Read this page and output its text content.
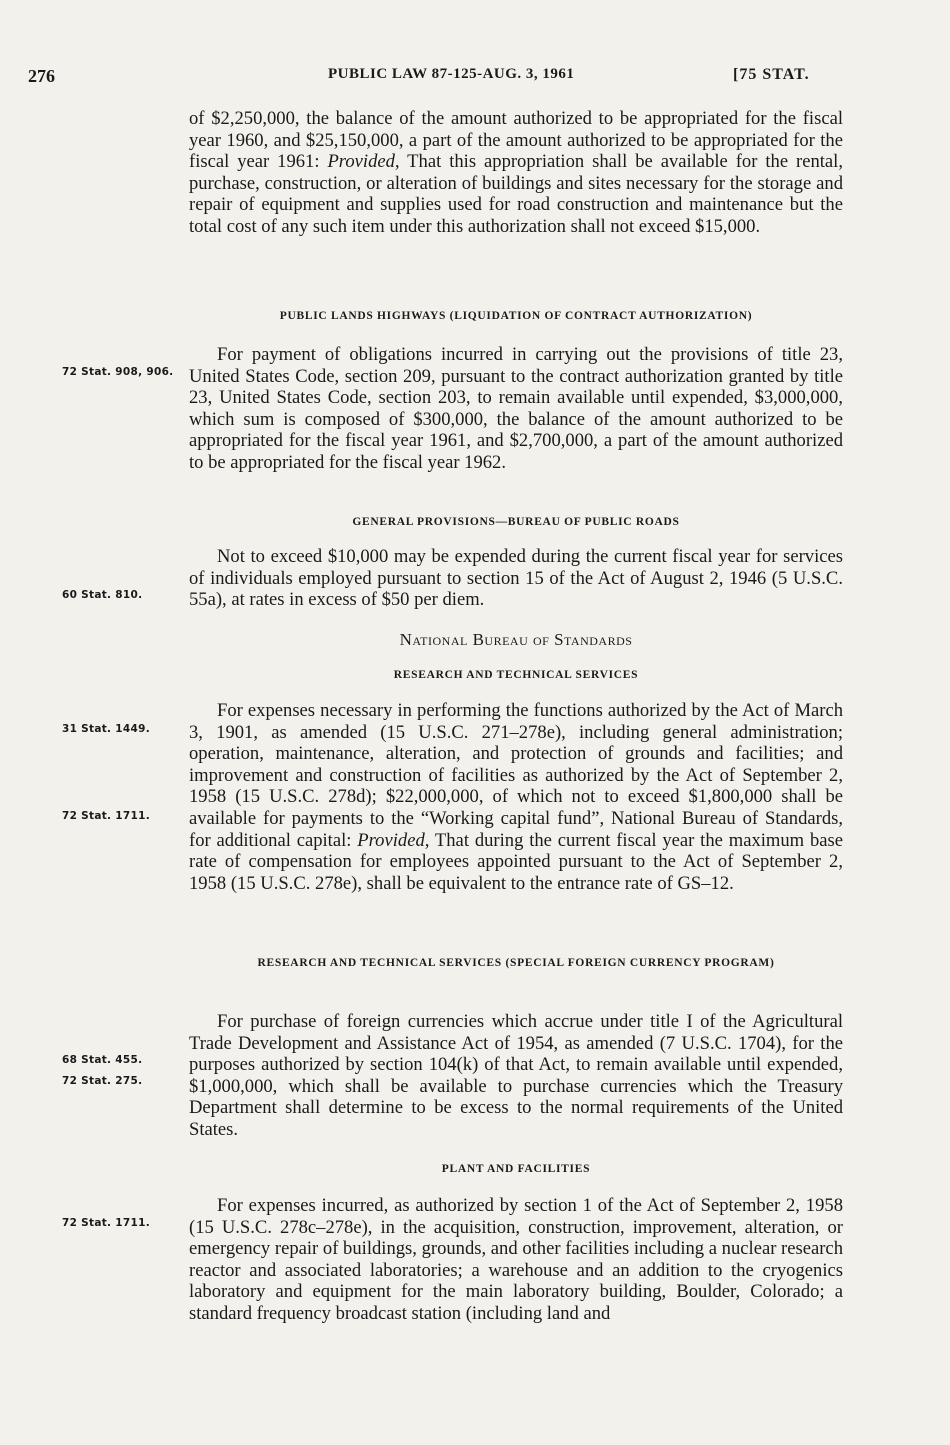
276	PUBLIC LAW 87-125-AUG. 3, 1961	[75 STAT.

of $2,250,000, the balance of the amount authorized to be appropriated for the fiscal year 1960, and $25,150,000, a part of the amount authorized to be appropriated for the fiscal year 1961: Provided, That this appropriation shall be available for the rental, purchase, construction, or alteration of buildings and sites necessary for the storage and repair of equipment and supplies used for road construction and maintenance but the total cost of any such item under this authorization shall not exceed $15,000.

PUBLIC LANDS HIGHWAYS (LIQUIDATION OF CONTRACT AUTHORIZATION)

For payment of obligations incurred in carrying out the provisions of title 23, United States Code, section 209, pursuant to the contract authorization granted by title 23, United States Code, section 203, to remain available until expended, $3,000,000, which sum is composed of $300,000, the balance of the amount authorized to be appropriated for the fiscal year 1961, and $2,700,000, a part of the amount authorized to be appropriated for the fiscal year 1962.

GENERAL PROVISIONS—BUREAU OF PUBLIC ROADS

Not to exceed $10,000 may be expended during the current fiscal year for services of individuals employed pursuant to section 15 of the Act of August 2, 1946 (5 U.S.C. 55a), at rates in excess of $50 per diem.

National Bureau of Standards
RESEARCH AND TECHNICAL SERVICES

For expenses necessary in performing the functions authorized by the Act of March 3, 1901, as amended (15 U.S.C. 271–278e), including general administration; operation, maintenance, alteration, and protection of grounds and facilities; and improvement and construction of facilities as authorized by the Act of September 2, 1958 (15 U.S.C. 278d); $22,000,000, of which not to exceed $1,800,000 shall be available for payments to the “Working capital fund”, National Bureau of Standards, for additional capital: Provided, That during the current fiscal year the maximum base rate of compensation for employees appointed pursuant to the Act of September 2, 1958 (15 U.S.C. 278e), shall be equivalent to the entrance rate of GS–12.

RESEARCH AND TECHNICAL SERVICES (SPECIAL FOREIGN CURRENCY PROGRAM)

For purchase of foreign currencies which accrue under title I of the Agricultural Trade Development and Assistance Act of 1954, as amended (7 U.S.C. 1704), for the purposes authorized by section 104(k) of that Act, to remain available until expended, $1,000,000, which shall be available to purchase currencies which the Treasury Department shall determine to be excess to the normal requirements of the United States.

PLANT AND FACILITIES

For expenses incurred, as authorized by section 1 of the Act of September 2, 1958 (15 U.S.C. 278c–278e), in the acquisition, construction, improvement, alteration, or emergency repair of buildings, grounds, and other facilities including a nuclear research reactor and associated laboratories; a warehouse and an addition to the cryogenics laboratory and equipment for the main laboratory building, Boulder, Colorado; a standard frequency broadcast station (including land and

72 Stat. 908, 906.
60 Stat. 810.
31 Stat. 1449.
72 Stat. 1711.
68 Stat. 455.
72 Stat. 275.
72 Stat. 1711.
